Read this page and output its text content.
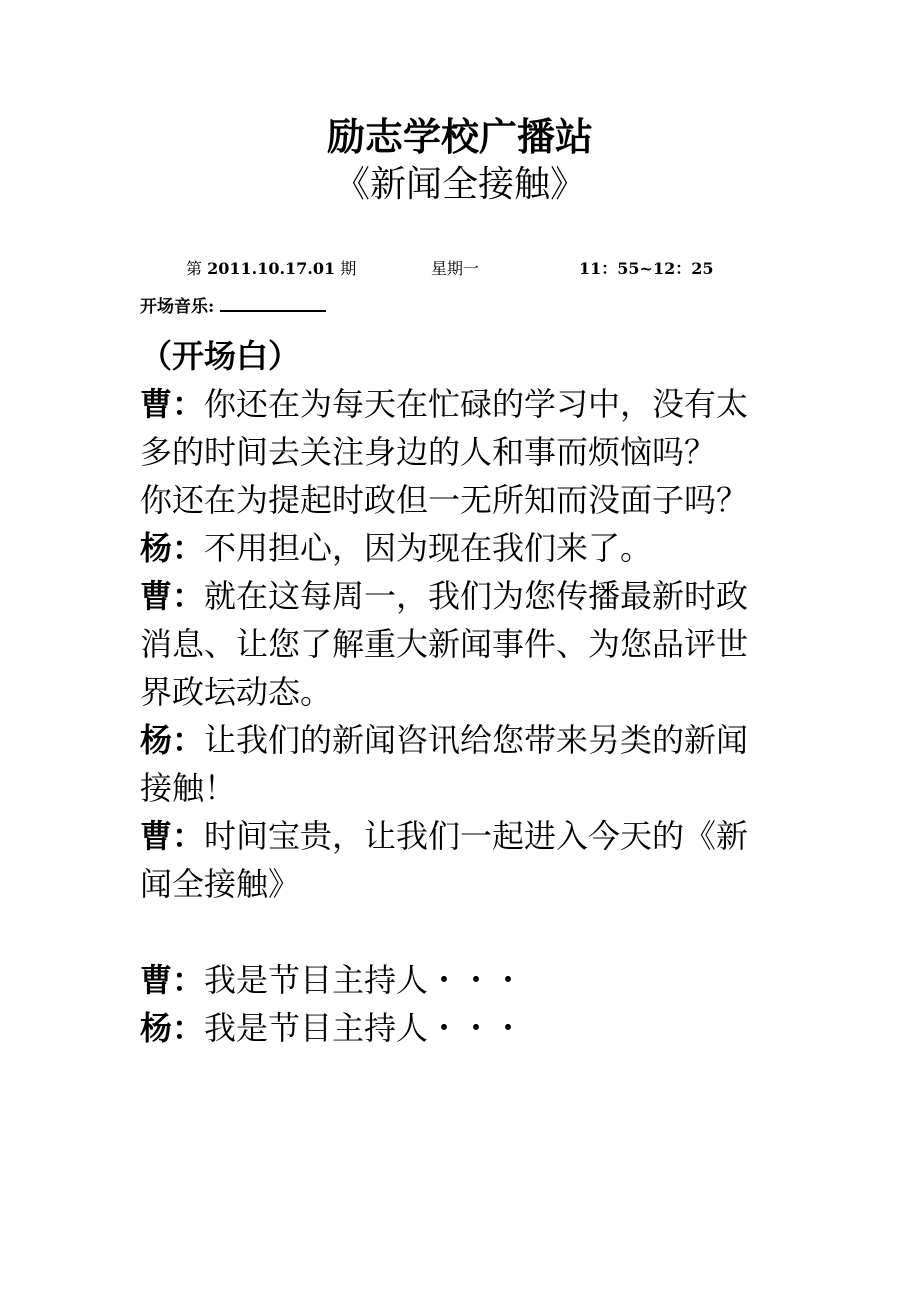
励志学校广播站
《新闻全接触》
第 2011.10.17.01 期	星期一	11：55~12：25
开场音乐:
（开场白）
曹：你还在为每天在忙碌的学习中，没有太
多的时间去关注身边的人和事而烦恼吗？
你还在为提起时政但一无所知而没面子吗？
杨：不用担心，因为现在我们来了。
曹：就在这每周一，我们为您传播最新时政
消息、让您了解重大新闻事件、为您品评世
界政坛动态。
杨：让我们的新闻咨讯给您带来另类的新闻
接触！
曹：时间宝贵，让我们一起进入今天的《新
闻全接触》
曹：我是节目主持人・・・
杨：我是节目主持人・・・
